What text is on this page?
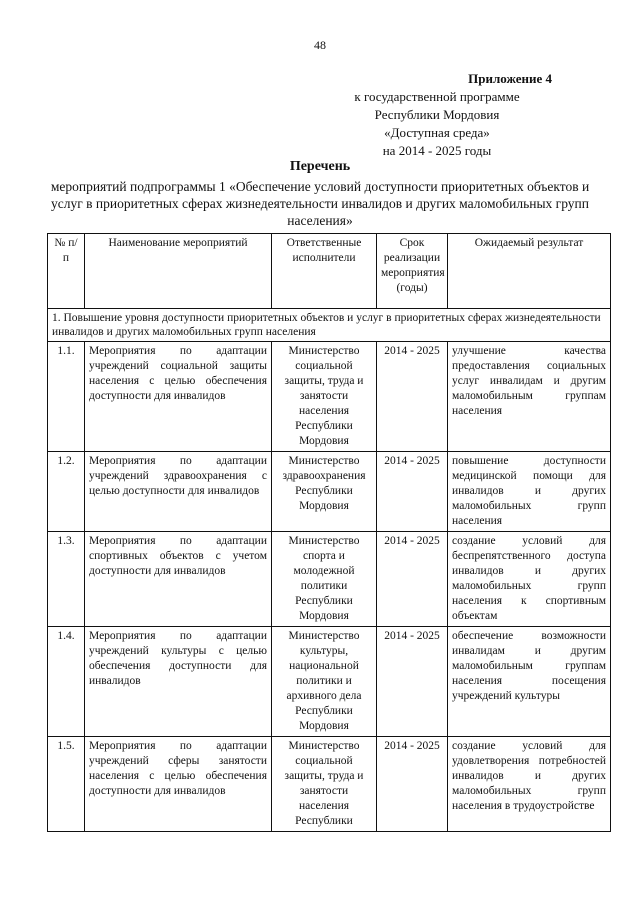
48
Приложение 4
к государственной программе
Республики Мордовия
«Доступная среда»
на 2014 - 2025 годы
Перечень
мероприятий подпрограммы 1 «Обеспечение условий доступности приоритетных объектов и услуг в приоритетных сферах жизнедеятельности инвалидов и других маломобильных групп населения»
№ п/п	Наименование мероприятий	Ответственные исполнители	Срок реализации мероприятия (годы)	Ожидаемый результат
1. Повышение уровня доступности приоритетных объектов и услуг в приоритетных сферах жизнедеятельности инвалидов и других маломобильных групп населения				
1.1.	Мероприятия по адаптации учреждений социальной защиты населения с целью обеспечения доступности для инвалидов	Министерство социальной защиты, труда и занятости населения Республики Мордовия	2014 - 2025	улучшение качества предоставления социальных услуг инвалидам и другим маломобильным группам населения
1.2.	Мероприятия по адаптации учреждений здравоохранения с целью доступности для инвалидов	Министерство здравоохранения Республики Мордовия	2014 - 2025	повышение доступности медицинской помощи для инвалидов и других маломобильных групп населения
1.3.	Мероприятия по адаптации спортивных объектов с учетом доступности для инвалидов	Министерство спорта и молодежной политики Республики Мордовия	2014 - 2025	создание условий для беспрепятственного доступа инвалидов и других маломобильных групп населения к спортивным объектам
1.4.	Мероприятия по адаптации учреждений культуры с целью обеспечения доступности для инвалидов	Министерство культуры, национальной политики и архивного дела Республики Мордовия	2014 - 2025	обеспечение возможности инвалидам и другим маломобильным группам населения посещения учреждений культуры
1.5.	Мероприятия по адаптации учреждений сферы занятости населения с целью обеспечения доступности для инвалидов	Министерство социальной защиты, труда и занятости населения Республики	2014 - 2025	создание условий для удовлетворения потребностей инвалидов и других маломобильных групп населения в трудоустройстве
